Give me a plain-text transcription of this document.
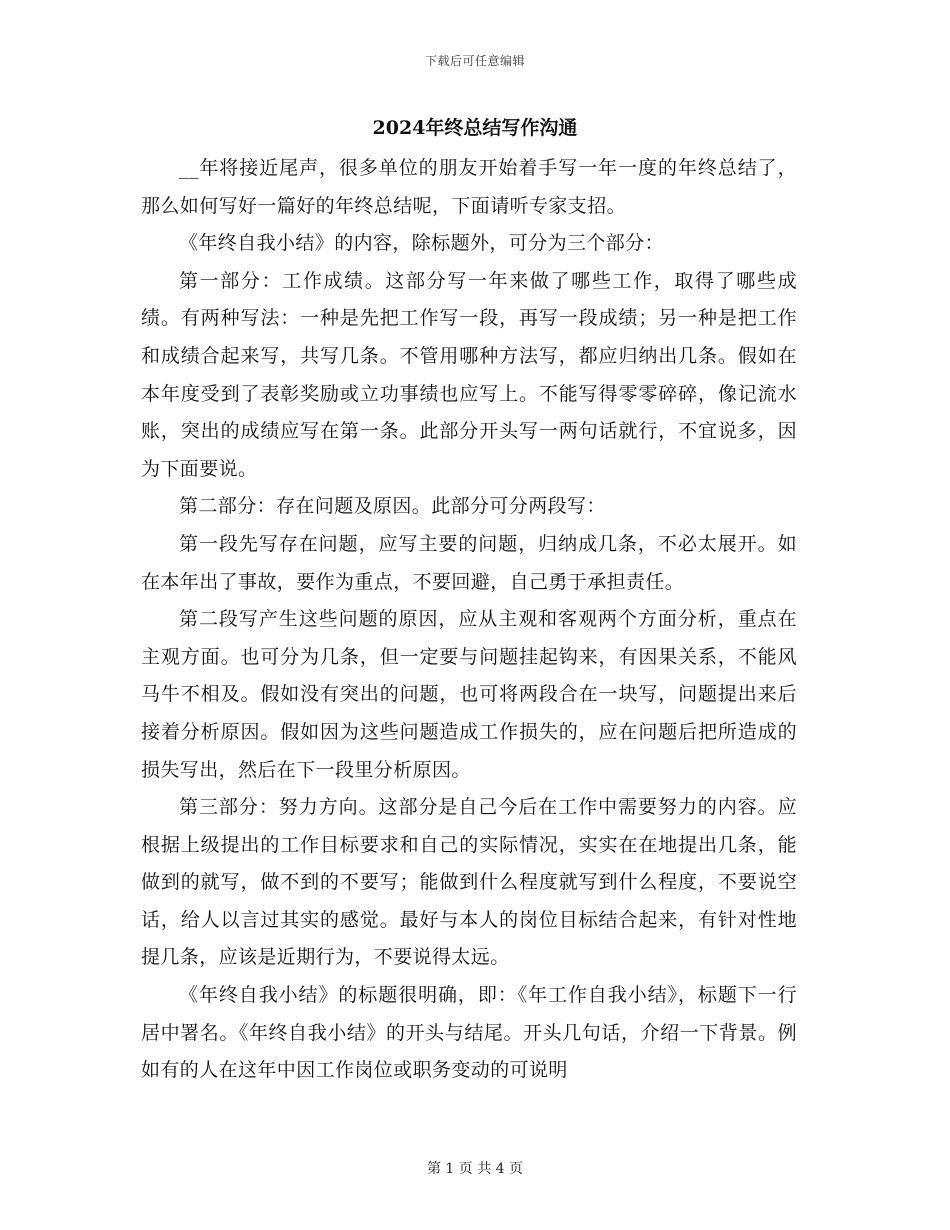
下载后可任意编辑
2024年终总结写作沟通

__年将接近尾声，很多单位的朋友开始着手写一年一度的年终总结了，那么如何写好一篇好的年终总结呢，下面请听专家支招。

《年终自我小结》的内容，除标题外，可分为三个部分：

第一部分：工作成绩。这部分写一年来做了哪些工作，取得了哪些成绩。有两种写法：一种是先把工作写一段，再写一段成绩；另一种是把工作和成绩合起来写，共写几条。不管用哪种方法写，都应归纳出几条。假如在本年度受到了表彰奖励或立功事绩也应写上。不能写得零零碎碎，像记流水账，突出的成绩应写在第一条。此部分开头写一两句话就行，不宜说多，因为下面要说。

第二部分：存在问题及原因。此部分可分两段写：

第一段先写存在问题，应写主要的问题，归纳成几条，不必太展开。如在本年出了事故，要作为重点，不要回避，自己勇于承担责任。

第二段写产生这些问题的原因，应从主观和客观两个方面分析，重点在主观方面。也可分为几条，但一定要与问题挂起钩来，有因果关系，不能风马牛不相及。假如没有突出的问题，也可将两段合在一块写，问题提出来后接着分析原因。假如因为这些问题造成工作损失的，应在问题后把所造成的损失写出，然后在下一段里分析原因。

第三部分：努力方向。这部分是自己今后在工作中需要努力的内容。应根据上级提出的工作目标要求和自己的实际情况，实实在在地提出几条，能做到的就写，做不到的不要写；能做到什么程度就写到什么程度，不要说空话，给人以言过其实的感觉。最好与本人的岗位目标结合起来，有针对性地提几条，应该是近期行为，不要说得太远。

《年终自我小结》的标题很明确，即：《年工作自我小结》，标题下一行居中署名。《年终自我小结》的开头与结尾。开头几句话，介绍一下背景。例如有的人在这年中因工作岗位或职务变动的可说明

第 1 页 共 4 页
